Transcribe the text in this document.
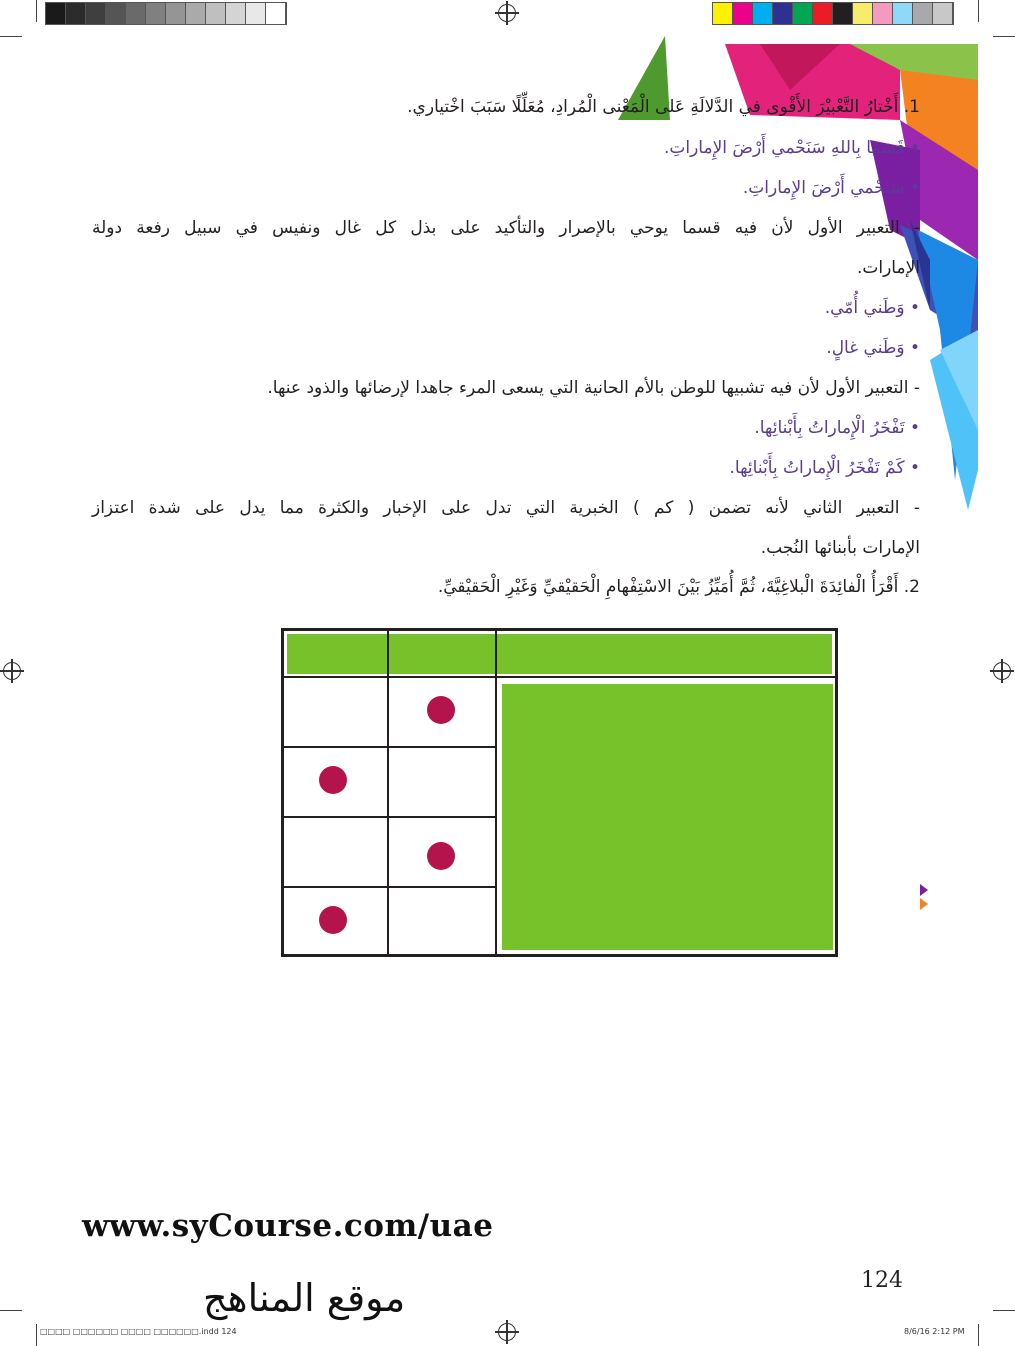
1. أَخْتارُ التَّعْبيْرَ الأَقْوى في الدَّلالَةِ عَلى الْمَعْنى الْمُرادِ، مُعَلِّلًا سَبَبَ اخْتياري.
• قَسَمًا بِاللهِ سَنَحْمي أَرْضَ الإِماراتِ.
• سَنَحْمي أَرْضَ الإِماراتِ.
- التعبير الأول لأن فيه قسما يوحي بالإصرار والتأكيد على بذل كل غال ونفيس في سبيل رفعة دولة
الإمارات.
• وَطَني أُمّي.
• وَطَني غالٍ.
- التعبير الأول لأن فيه تشبيها للوطن بالأم الحانية التي يسعى المرء جاهدا لإرضائها والذود عنها.
• تَفْخَرُ الْإِماراتُ بِأَبْنائِها.
• كَمْ تَفْخَرُ الْإِماراتُ بِأَبْنائِها.
- التعبير الثاني لأنه تضمن ( كم ) الخبرية التي تدل على الإخبار والكثرة مما يدل على شدة اعتزاز
الإمارات بأبنائها النُجب.
2. أَقْرَأُ الْفائِدَةَ الْبلاغِيَّةَ، ثُمَّ أُمَيِّزُ بَيْنَ الاسْتِفْهامِ الْحَقيْقيِّ وَغَيْرِ الْحَقيْقيِّ.
www.syCourse.com/uae
124
موقع المناهج
□□□□ □□□□□□ □□□□ □□□□□□.indd 124	8/6/16 2:12 PM
